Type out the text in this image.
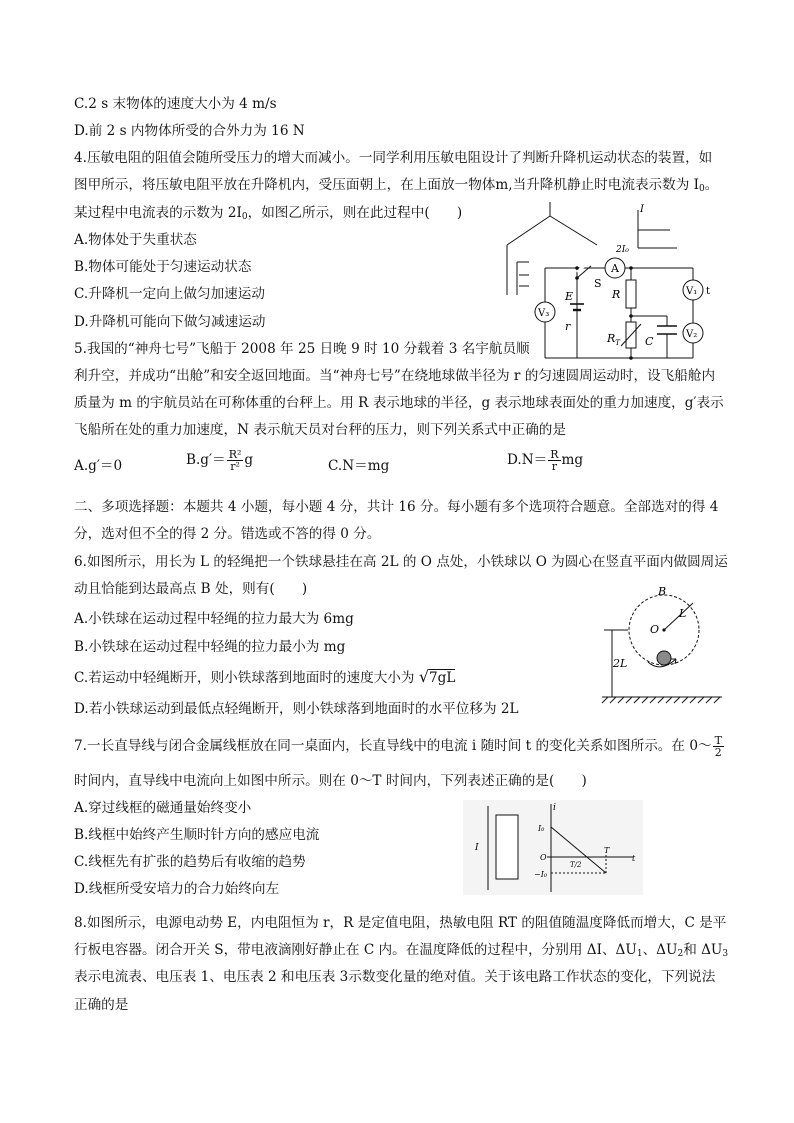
C.2 s 末物体的速度大小为 4 m/s
D.前 2 s 内物体所受的合外力为 16 N
4.压敏电阻的阻值会随所受压力的增大而减小。一同学利用压敏电阻设计了判断升降机运动状态的装置，如
图甲所示，将压敏电阻平放在升降机内，受压面朝上，在上面放一物体m,当升降机静止时电流表示数为 $I_0$。
某过程中电流表的示数为 $2I_0$，如图乙所示，则在此过程中(　　)
A.物体处于失重状态
B.物体可能处于匀速运动状态
C.升降机一定向上做匀加速运动
D.升降机可能向下做匀减速运动
A
V₁
V₂
V₃
t
I
2I₀
S
E
r
R
$R_T$ C
5.我国的“神舟七号”飞船于 2008 年 25 日晚 9 时 10 分载着 3 名宇航员顺
利升空，并成功“出舱”和安全返回地面。当“神舟七号”在绕地球做半径为 r 的匀速圆周运动时，设飞船舱内
质量为 m 的宇航员站在可称体重的台秤上。用 R 表示地球的半径，g 表示地球表面处的重力加速度，g′表示
飞船所在处的重力加速度，N 表示航天员对台秤的压力，则下列关系式中正确的是
A.g′＝0	$B.g'= \frac{\text{R²}}{\text{r²}}$ g	C.N＝mg	$D.N= \frac{R}{r}$ mg
二、多项选择题：本题共 4 小题，每小题 4 分，共计 16 分。每小题有多个选项符合题意。全部选对的得 4
分，选对但不全的得 2 分。错选或不答的得 0 分。
6.如图所示，用长为 L 的轻绳把一个铁球悬挂在高 2L 的 O 点处，小铁球以 O 为圆心在竖直平面内做圆周运
动且恰能到达最高点 B 处，则有(　　)
A.小铁球在运动过程中轻绳的拉力最大为 6mg
B.小铁球在运动过程中轻绳的拉力最小为 mg
C.若运动中轻绳断开，则小铁球落到地面时的速度大小为 √7gL
D.若小铁球运动到最低点轻绳断开，则小铁球落到地面时的水平位移为 2L
B
L
O
2L
7.一长直导线与闭合金属线框放在同一桌面内，长直导线中的电流 i 随时间 t 的变化关系如图所示。在 0～ $\frac{T}{2}$
时间内，直导线中电流向上如图中所示。则在 0～T 时间内，下列表述正确的是(　　)
A.穿过线框的磁通量始终变小
B.线框中始终产生顺时针方向的感应电流
C.线框先有扩张的趋势后有收缩的趋势
D.线框所受安培力的合力始终向左
I
i
I₀
−I₀
O
T/2
T
t
8.如图所示，电源电动势 E，内电阻恒为 r，R 是定值电阻，热敏电阻 RT 的阻值随温度降低而增大，C 是平
行板电容器。闭合开关 S，带电液滴刚好静止在 C 内。在温度降低的过程中，分别用 ΔI、$\Delta U_1$、$\Delta U_2$和 $\Delta U_3$
表示电流表、电压表 1、电压表 2 和电压表 3示数变化量的绝对值。关于该电路工作状态的变化，下列说法
正确的是
